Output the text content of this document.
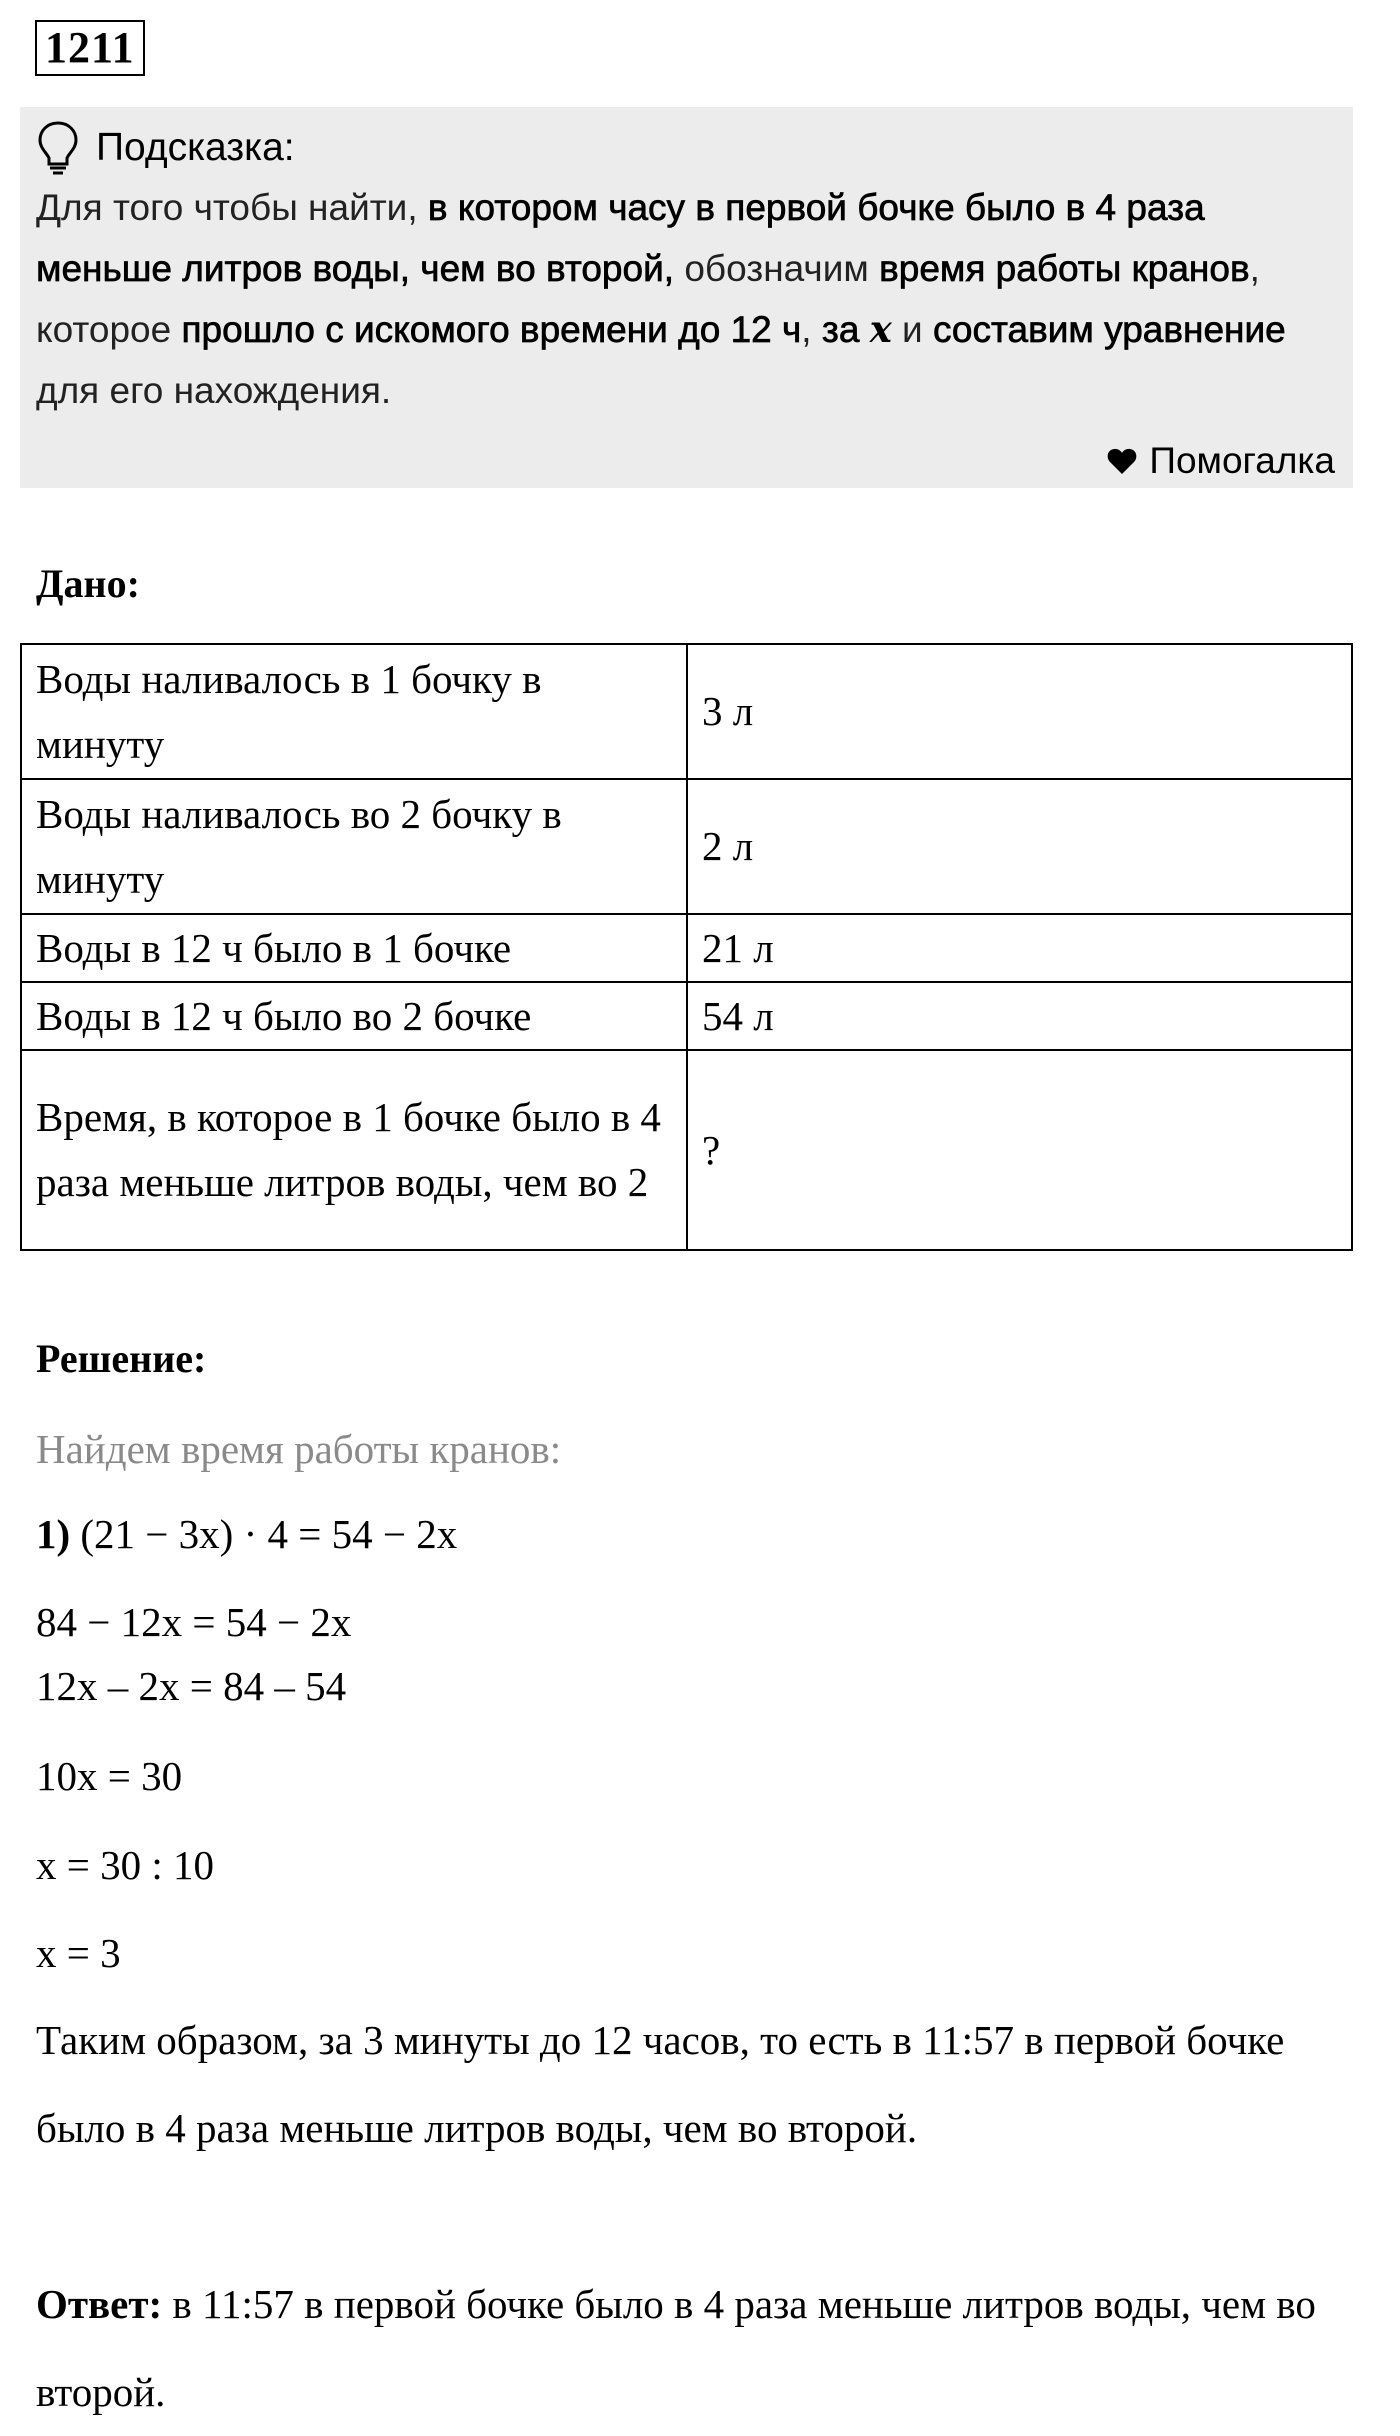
1211
Подсказка:
Для того чтобы найти, в котором часу в первой бочке было в 4 раза меньше литров воды, чем во второй, обозначим время работы кранов, которое прошло с искомого времени до 12 ч, за x и составим уравнение для его нахождения.
Помогалка
Дано:
Воды наливалось в 1 бочку в минуту	3 л
Воды наливалось во 2 бочку в минуту	2 л
Воды в 12 ч было в 1 бочке	21 л
Воды в 12 ч было во 2 бочке	54 л
Время, в которое в 1 бочке было в 4 раза меньше литров воды, чем во 2	?
Решение:
Найдем время работы кранов:
1) (21 − 3x) · 4 = 54 − 2x
84 − 12x = 54 − 2x
12x – 2x = 84 – 54
10x = 30
x = 30 : 10
x = 3
Таким образом, за 3 минуты до 12 часов, то есть в 11:57 в первой бочке было в 4 раза меньше литров воды, чем во второй.
Ответ: в 11:57 в первой бочке было в 4 раза меньше литров воды, чем во второй.
